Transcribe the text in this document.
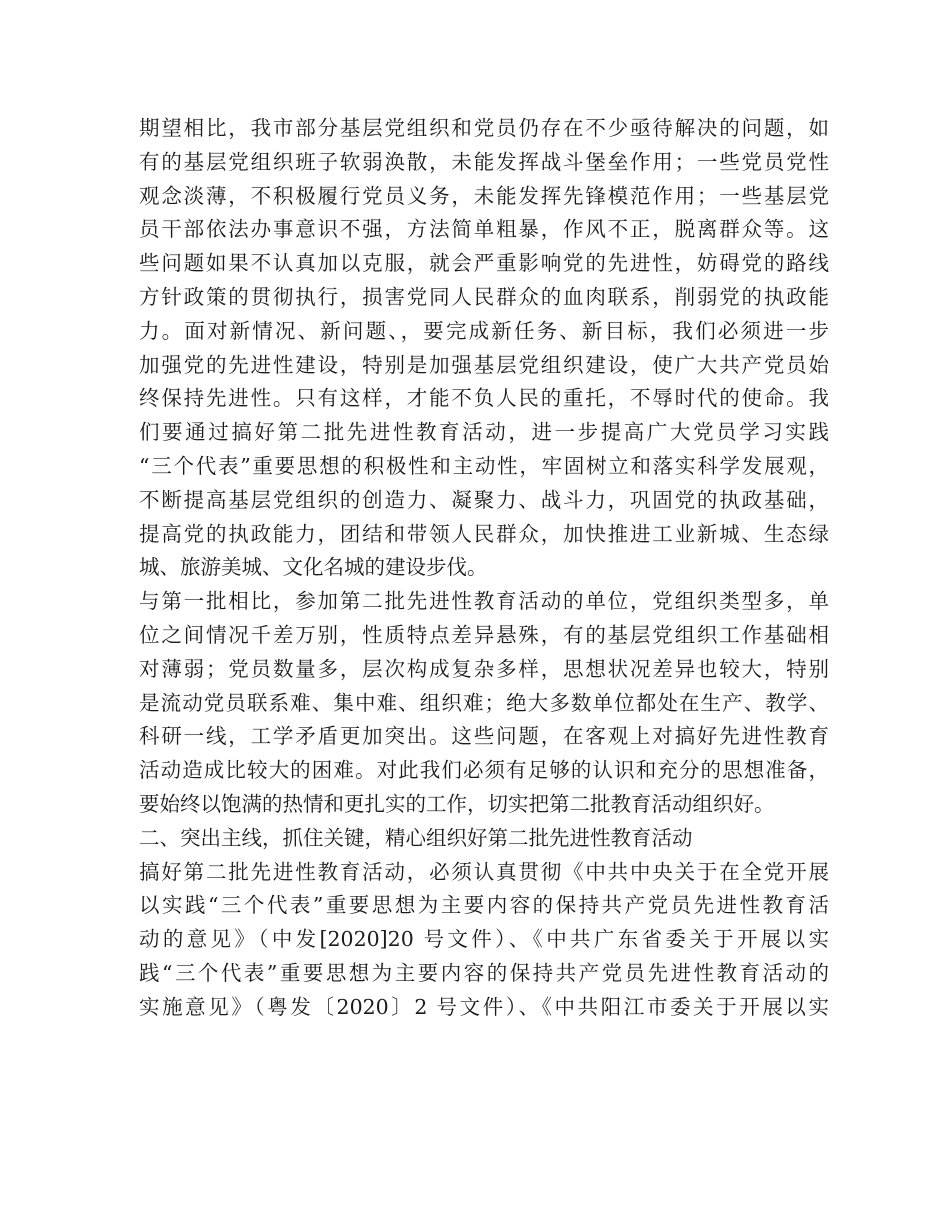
期望相比，我市部分基层党组织和党员仍存在不少亟待解决的问题，如
有的基层党组织班子软弱涣散，未能发挥战斗堡垒作用；一些党员党性
观念淡薄，不积极履行党员义务，未能发挥先锋模范作用；一些基层党
员干部依法办事意识不强，方法简单粗暴，作风不正，脱离群众等。这
些问题如果不认真加以克服，就会严重影响党的先进性，妨碍党的路线
方针政策的贯彻执行，损害党同人民群众的血肉联系，削弱党的执政能
力。面对新情况、新问题、，要完成新任务、新目标，我们必须进一步
加强党的先进性建设，特别是加强基层党组织建设，使广大共产党员始
终保持先进性。只有这样，才能不负人民的重托，不辱时代的使命。我
们要通过搞好第二批先进性教育活动，进一步提高广大党员学习实践
“三个代表”重要思想的积极性和主动性，牢固树立和落实科学发展观，
不断提高基层党组织的创造力、凝聚力、战斗力，巩固党的执政基础，
提高党的执政能力，团结和带领人民群众，加快推进工业新城、生态绿
城、旅游美城、文化名城的建设步伐。
与第一批相比，参加第二批先进性教育活动的单位，党组织类型多，单
位之间情况千差万别，性质特点差异悬殊，有的基层党组织工作基础相
对薄弱；党员数量多，层次构成复杂多样，思想状况差异也较大，特别
是流动党员联系难、集中难、组织难；绝大多数单位都处在生产、教学、
科研一线，工学矛盾更加突出。这些问题，在客观上对搞好先进性教育
活动造成比较大的困难。对此我们必须有足够的认识和充分的思想准备，
要始终以饱满的热情和更扎实的工作，切实把第二批教育活动组织好。
二、突出主线，抓住关键，精心组织好第二批先进性教育活动
搞好第二批先进性教育活动，必须认真贯彻《中共中央关于在全党开展
以实践“三个代表”重要思想为主要内容的保持共产党员先进性教育活
动的意见》（中发[2020]20 号文件）、《中共广东省委关于开展以实
践“三个代表”重要思想为主要内容的保持共产党员先进性教育活动的
实施意见》（粤发〔2020〕2 号文件）、《中共阳江市委关于开展以实
